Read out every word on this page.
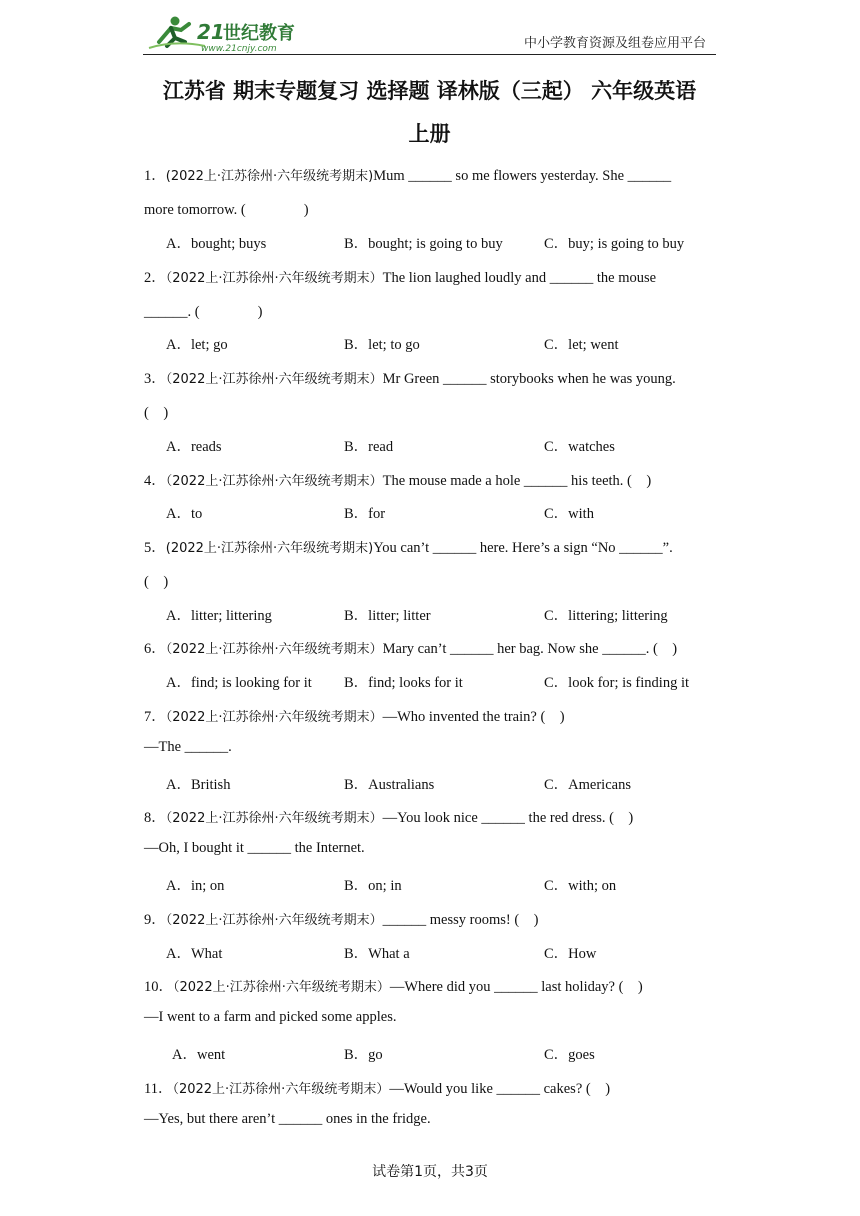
21
世纪教育
www.21cnjy.com	中小学教育资源及组卷应用平台
江苏省 期末专题复习 选择题 译林版（三起） 六年级英语
上册
1．(2022上·江苏徐州·六年级统考期末)Mum ______ so me flowers yesterday. She ______
more tomorrow. (　　　　)
A．bought; buys	B．bought; is going to buy	C．buy; is going to buy
2．（2022上·江苏徐州·六年级统考期末）The lion laughed loudly and ______ the mouse
______. (　　　　)
A．let; go	B．let; to go	C．let; went
3．（2022上·江苏徐州·六年级统考期末）Mr Green ______ storybooks when he was young.
(　)
A．reads	B．read	C．watches
4．（2022上·江苏徐州·六年级统考期末）The mouse made a hole ______ his teeth. (　)
A．to	B．for	C．with
5．(2022上·江苏徐州·六年级统考期末)You can’t ______ here. Here’s a sign “No ______”.
(　)
A．litter; littering	B．litter; litter	C．littering; littering
6．（2022上·江苏徐州·六年级统考期末）Mary can’t ______ her bag. Now she ______. (　)
A．find; is looking for it B．find; looks for it	C．look for; is finding it
7．（2022上·江苏徐州·六年级统考期末）—Who invented the train? (　)
—The ______.
A．British	B．Australians	C．Americans
8．（2022上·江苏徐州·六年级统考期末）—You look nice ______ the red dress. (　)
—Oh, I bought it ______ the Internet.
A．in; on	B．on; in	C．with; on
9．（2022上·江苏徐州·六年级统考期末）______ messy rooms! (　)
A．What	B．What a	C．How
10．（2022上·江苏徐州·六年级统考期末）—Where did you ______ last holiday? (　)
—I went to a farm and picked some apples.
A．went	B．go	C．goes
11．（2022上·江苏徐州·六年级统考期末）—Would you like ______ cakes? (　)
—Yes, but there aren’t ______ ones in the fridge.
试卷第1页，共3页
